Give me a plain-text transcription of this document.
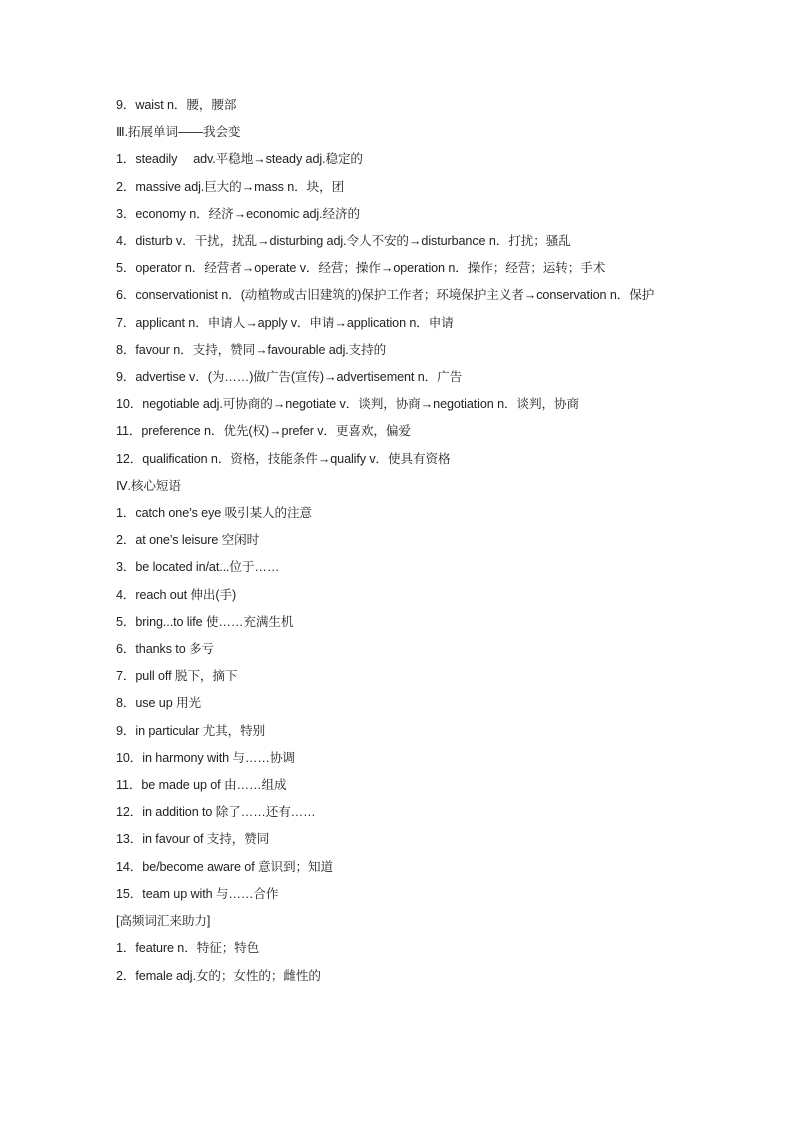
9．waist n．腰，腰部
Ⅲ.拓展单词——我会变
1．steadily　 adv.平稳地→steady adj.稳定的
2．massive adj.巨大的→mass n．块，团
3．economy n．经济→economic adj.经济的
4．disturb v．干扰，扰乱→disturbing adj.令人不安的→disturbance n．打扰；骚乱
5．operator n．经营者→operate v．经营；操作→operation n．操作；经营；运转；手术
6．conservationist n．(动植物或古旧建筑的)保护工作者；环境保护主义者→conservation n．保护
7．applicant n．申请人→apply v．申请→application n．申请
8．favour n．支持，赞同→favourable adj.支持的
9．advertise v．(为……)做广告(宣传)→advertisement n．广告
10．negotiable adj.可协商的→negotiate v．谈判，协商→negotiation n．谈判，协商
11．preference n．优先(权)→prefer v．更喜欢，偏爱
12．qualification n．资格，技能条件→qualify v．使具有资格
Ⅳ.核心短语
1．catch one’s eye 吸引某人的注意
2．at one’s leisure 空闲时
3．be located in/at...位于……
4．reach out 伸出(手)
5．bring...to life 使……充满生机
6．thanks to 多亏
7．pull off 脱下，摘下
8．use up 用光
9．in particular 尤其，特别
10．in harmony with 与……协调
11．be made up of 由……组成
12．in addition to 除了……还有……
13．in favour of 支持，赞同
14．be/become aware of 意识到；知道
15．team up with 与……合作
[高频词汇来助力]
1．feature n．特征；特色
2．female adj.女的；女性的；雌性的
